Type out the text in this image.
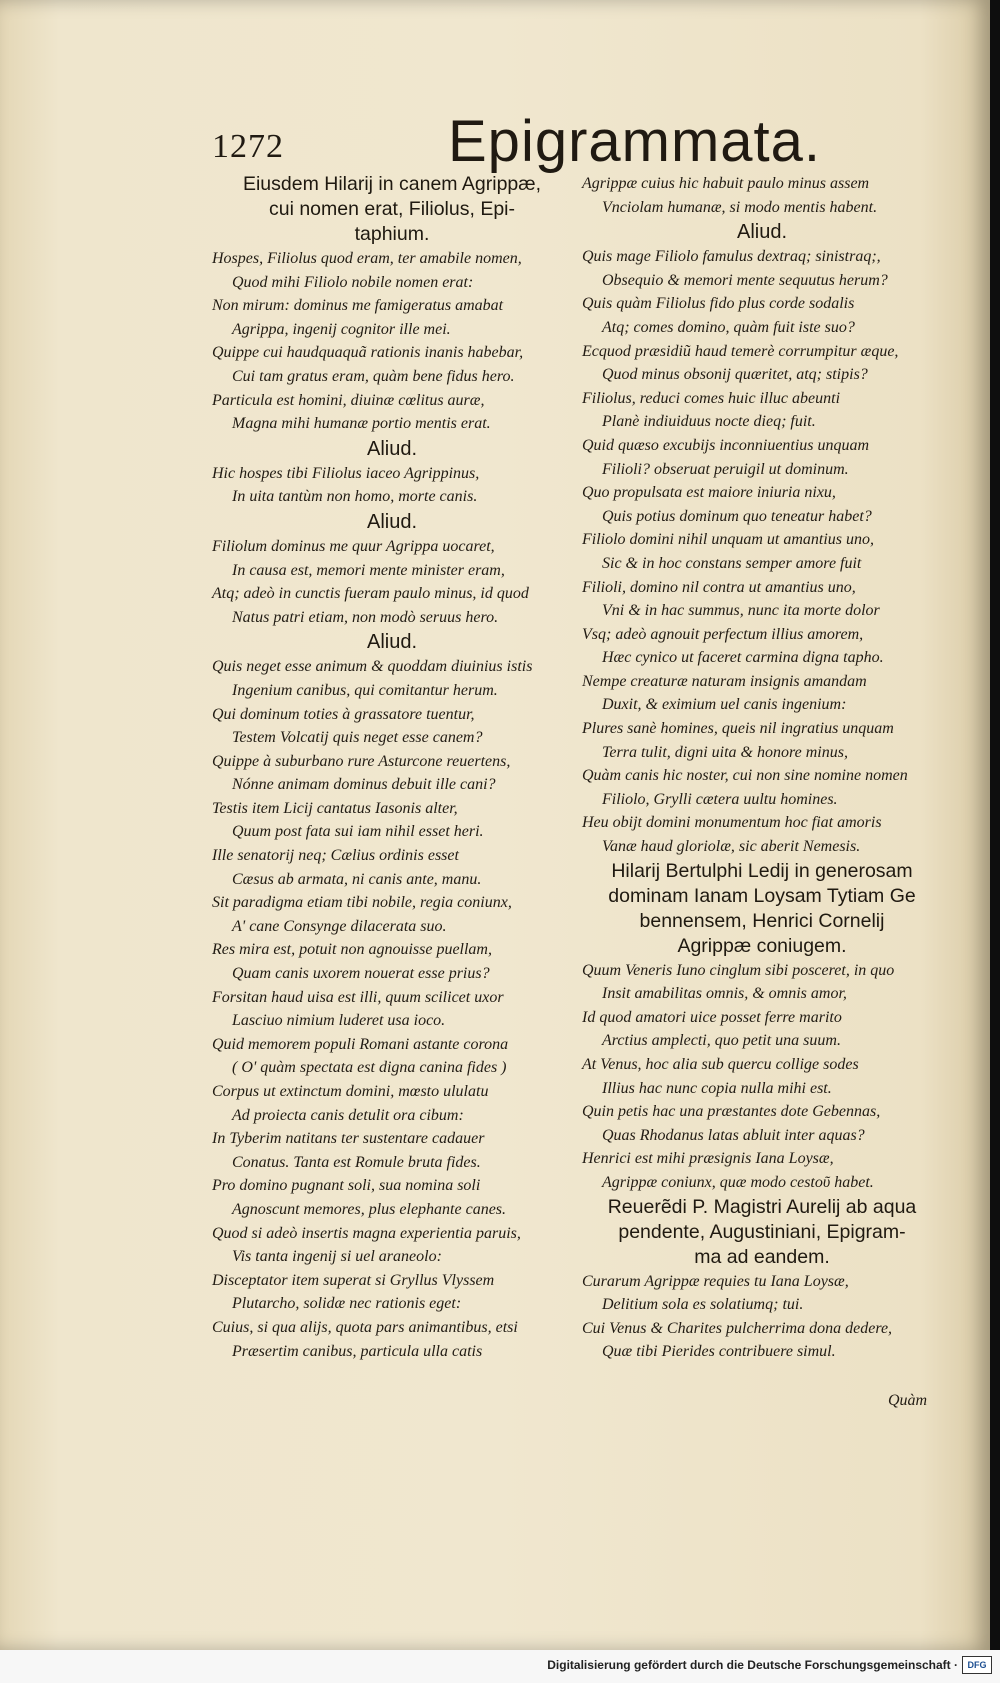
1272	Epigrammata.
Eiusdem Hilarij in canem Agrippæ,
cui nomen erat, Filiolus, Epi-
taphium.
Hospes, Filiolus quod eram, ter amabile nomen,
Quod mihi Filiolo nobile nomen erat:
Non mirum: dominus me famigeratus amabat
Agrippa, ingenij cognitor ille mei.
Quippe cui haudquaquã rationis inanis habebar,
Cui tam gratus eram, quàm bene fidus hero.
Particula est homini, diuinæ cœlitus auræ,
Magna mihi humanæ portio mentis erat.
Aliud.
Hic hospes tibi Filiolus iaceo Agrippinus,
In uita tantùm non homo, morte canis.
Aliud.
Filiolum dominus me quur Agrippa uocaret,
In causa est, memori mente minister eram,
Atq; adeò in cunctis fueram paulo minus, id quod
Natus patri etiam, non modò seruus hero.
Aliud.
Quis neget esse animum & quoddam diuinius istis
Ingenium canibus, qui comitantur herum.
Qui dominum toties à grassatore tuentur,
Testem Volcatij quis neget esse canem?
Quippe à suburbano rure Asturcone reuertens,
Nónne animam dominus debuit ille cani?
Testis item Licij cantatus Iasonis alter,
Quum post fata sui iam nihil esset heri.
Ille senatorij neq; Cælius ordinis esset
Cæsus ab armata, ni canis ante, manu.
Sit paradigma etiam tibi nobile, regia coniunx,
A' cane Consynge dilacerata suo.
Res mira est, potuit non agnouisse puellam,
Quam canis uxorem nouerat esse prius?
Forsitan haud uisa est illi, quum scilicet uxor
Lasciuo nimium luderet usa ioco.
Quid memorem populi Romani astante corona
( O' quàm spectata est digna canina fides )
Corpus ut extinctum domini, mœsto ululatu
Ad proiecta canis detulit ora cibum:
In Tyberim natitans ter sustentare cadauer
Conatus. Tanta est Romule bruta fides.
Pro domino pugnant soli, sua nomina soli
Agnoscunt memores, plus elephante canes.
Quod si adeò insertis magna experientia paruis,
Vis tanta ingenij si uel araneolo:
Disceptator item superat si Gryllus Vlyssem
Plutarcho, solidæ nec rationis eget:
Cuius, si qua alijs, quota pars animantibus, etsi
Præsertim canibus, particula ulla catis
Agrippæ cuius hic habuit paulo minus assem
Vnciolam humanæ, si modo mentis habent.
Aliud.
Quis mage Filiolo famulus dextraq; sinistraq;,
Obsequio & memori mente sequutus herum?
Quis quàm Filiolus fido plus corde sodalis
Atq; comes domino, quàm fuit iste suo?
Ecquod præsidiũ haud temerè corrumpitur æque,
Quod minus obsonij quæritet, atq; stipis?
Filiolus, reduci comes huic illuc abeunti
Planè indiuiduus nocte dieq; fuit.
Quid quæso excubijs inconniuentius unquam
Filioli? obseruat peruigil ut dominum.
Quo propulsata est maiore iniuria nixu,
Quis potius dominum quo teneatur habet?
Filiolo domini nihil unquam ut amantius uno,
Sic & in hoc constans semper amore fuit
Filioli, domino nil contra ut amantius uno,
Vni & in hac summus, nunc ita morte dolor
Vsq; adeò agnouit perfectum illius amorem,
Hæc cynico ut faceret carmina digna tapho.
Nempe creaturæ naturam insignis amandam
Duxit, & eximium uel canis ingenium:
Plures sanè homines, queis nil ingratius unquam
Terra tulit, digni uita & honore minus,
Quàm canis hic noster, cui non sine nomine nomen
Filiolo, Grylli cætera uultu homines.
Heu obijt domini monumentum hoc fiat amoris
Vanæ haud gloriolæ, sic aberit Nemesis.
Hilarij Bertulphi Ledij in generosam
dominam Ianam Loysam Tytiam Ge
bennensem, Henrici Cornelij
Agrippæ coniugem.
Quum Veneris Iuno cinglum sibi posceret, in quo
Insit amabilitas omnis, & omnis amor,
Id quod amatori uice posset ferre marito
Arctius amplecti, quo petit una suum.
At Venus, hoc alia sub quercu collige sodes
Illius hac nunc copia nulla mihi est.
Quin petis hac una præstantes dote Gebennas,
Quas Rhodanus latas abluit inter aquas?
Henrici est mihi præsignis Iana Loysæ,
Agrippæ coniunx, quæ modo cestoῦ habet.
Reuerẽdi P. Magistri Aurelij ab aqua
pendente, Augustiniani, Epigram-
ma ad eandem.
Curarum Agrippæ requies tu Iana Loysæ,
Delitium sola es solatiumq; tui.
Cui Venus & Charites pulcherrima dona dedere,
Quæ tibi Pierides contribuere simul.
Quàm
Digitalisierung gefördert durch die Deutsche Forschungsgemeinschaft ·	DFG
